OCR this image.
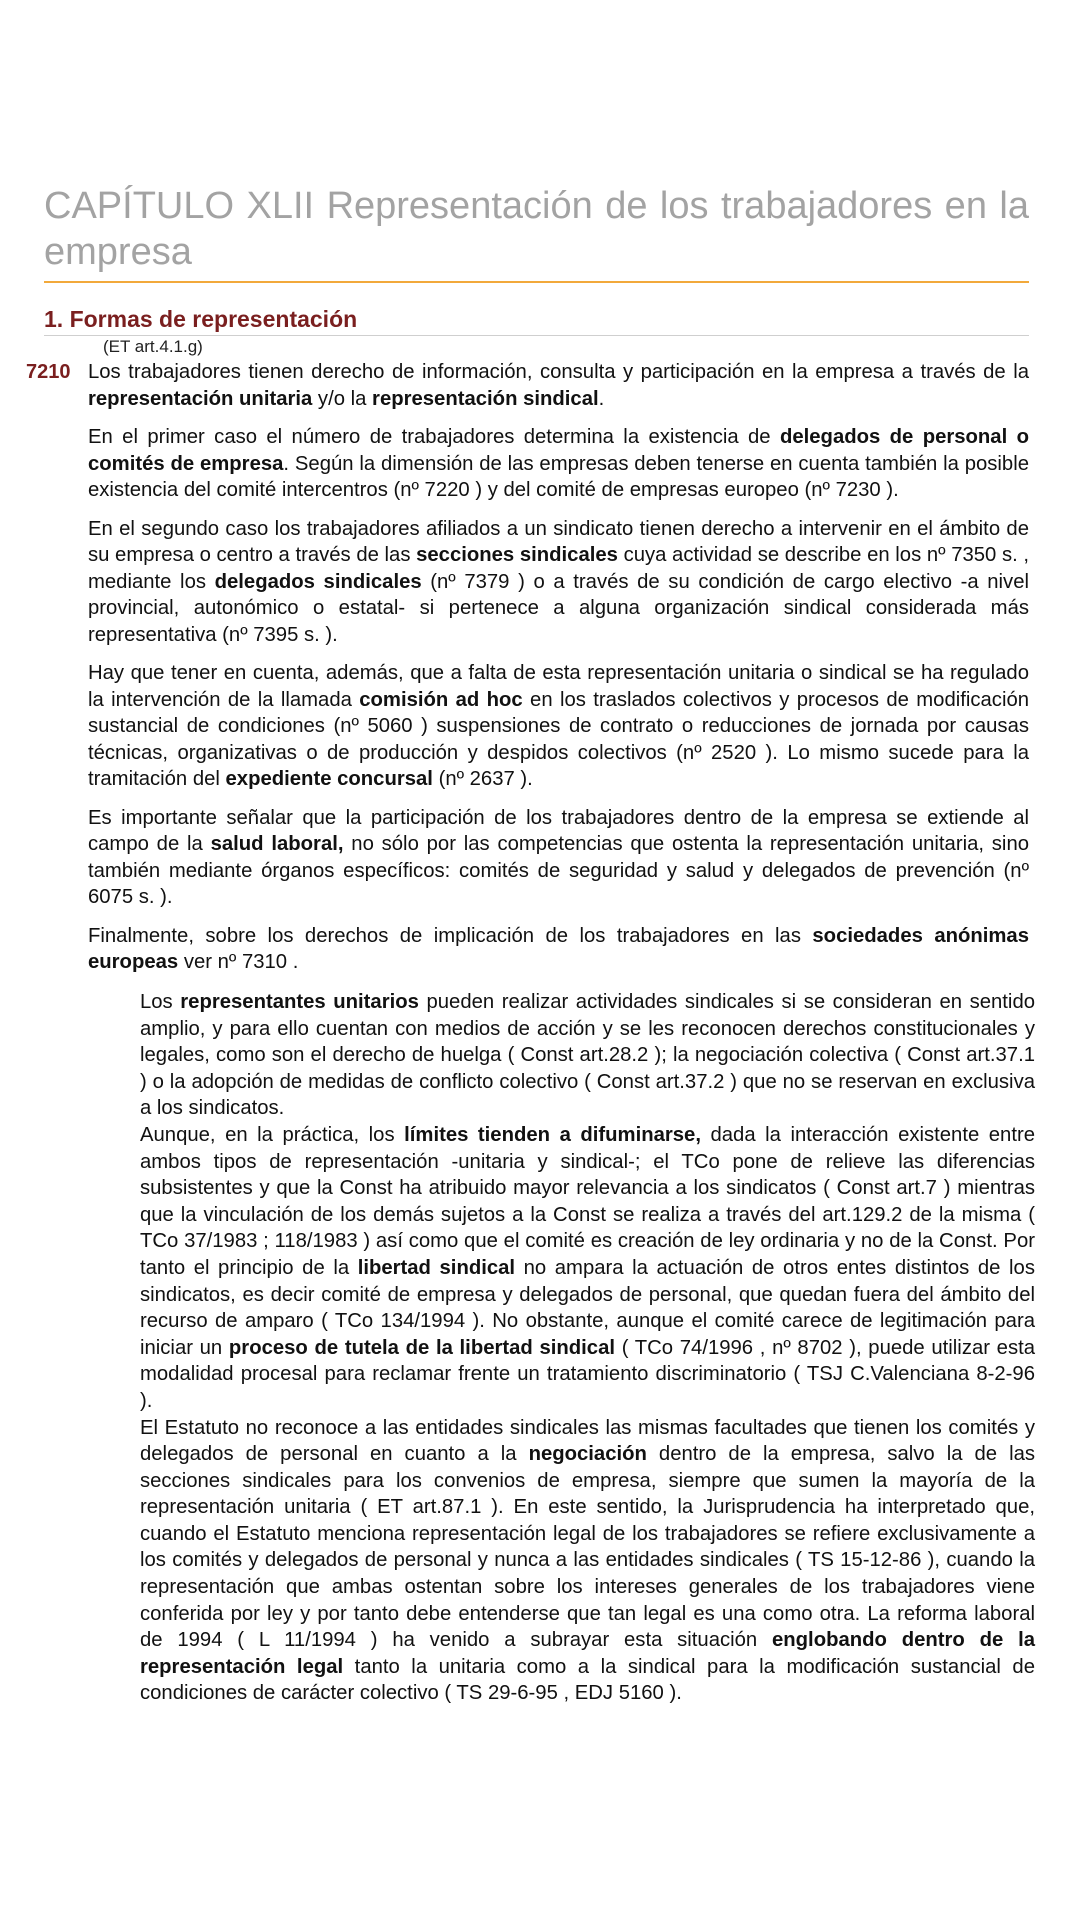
CAPÍTULO XLII Representación de los trabajadores en la empresa
1. Formas de representación
(ET art.4.1.g)
7210 Los trabajadores tienen derecho de información, consulta y participación en la empresa a través de la representación unitaria y/o la representación sindical.

En el primer caso el número de trabajadores determina la existencia de delegados de personal o comités de empresa. Según la dimensión de las empresas deben tenerse en cuenta también la posible existencia del comité intercentros (nº 7220 ) y del comité de empresas europeo (nº 7230 ).

En el segundo caso los trabajadores afiliados a un sindicato tienen derecho a intervenir en el ámbito de su empresa o centro a través de las secciones sindicales cuya actividad se describe en los nº 7350 s. , mediante los delegados sindicales (nº 7379 ) o a través de su condición de cargo electivo -a nivel provincial, autonómico o estatal- si pertenece a alguna organización sindical considerada más representativa (nº 7395 s. ).

Hay que tener en cuenta, además, que a falta de esta representación unitaria o sindical se ha regulado la intervención de la llamada comisión ad hoc en los traslados colectivos y procesos de modificación sustancial de condiciones (nº 5060 ) suspensiones de contrato o reducciones de jornada por causas técnicas, organizativas o de producción y despidos colectivos (nº 2520 ). Lo mismo sucede para la tramitación del expediente concursal (nº 2637 ).

Es importante señalar que la participación de los trabajadores dentro de la empresa se extiende al campo de la salud laboral, no sólo por las competencias que ostenta la representación unitaria, sino también mediante órganos específicos: comités de seguridad y salud y delegados de prevención (nº 6075 s. ).

Finalmente, sobre los derechos de implicación de los trabajadores en las sociedades anónimas europeas ver nº 7310 .

Los representantes unitarios pueden realizar actividades sindicales si se consideran en sentido amplio, y para ello cuentan con medios de acción y se les reconocen derechos constitucionales y legales, como son el derecho de huelga ( Const art.28.2 ); la negociación colectiva ( Const art.37.1 ) o la adopción de medidas de conflicto colectivo ( Const art.37.2 ) que no se reservan en exclusiva a los sindicatos.

Aunque, en la práctica, los límites tienden a difuminarse, dada la interacción existente entre ambos tipos de representación -unitaria y sindical-; el TCo pone de relieve las diferencias subsistentes y que la Const ha atribuido mayor relevancia a los sindicatos ( Const art.7 ) mientras que la vinculación de los demás sujetos a la Const se realiza a través del art.129.2 de la misma ( TCo 37/1983 ; 118/1983 ) así como que el comité es creación de ley ordinaria y no de la Const. Por tanto el principio de la libertad sindical no ampara la actuación de otros entes distintos de los sindicatos, es decir comité de empresa y delegados de personal, que quedan fuera del ámbito del recurso de amparo ( TCo 134/1994 ). No obstante, aunque el comité carece de legitimación para iniciar un proceso de tutela de la libertad sindical ( TCo 74/1996 , nº 8702 ), puede utilizar esta modalidad procesal para reclamar frente un tratamiento discriminatorio ( TSJ C.Valenciana 8-2-96 ).

El Estatuto no reconoce a las entidades sindicales las mismas facultades que tienen los comités y delegados de personal en cuanto a la negociación dentro de la empresa, salvo la de las secciones sindicales para los convenios de empresa, siempre que sumen la mayoría de la representación unitaria ( ET art.87.1 ). En este sentido, la Jurisprudencia ha interpretado que, cuando el Estatuto menciona representación legal de los trabajadores se refiere exclusivamente a los comités y delegados de personal y nunca a las entidades sindicales ( TS 15-12-86 ), cuando la representación que ambas ostentan sobre los intereses generales de los trabajadores viene conferida por ley y por tanto debe entenderse que tan legal es una como otra. La reforma laboral de 1994 ( L 11/1994 ) ha venido a subrayar esta situación englobando dentro de la representación legal tanto la unitaria como a la sindical para la modificación sustancial de condiciones de carácter colectivo ( TS 29-6-95 , EDJ 5160 ).
